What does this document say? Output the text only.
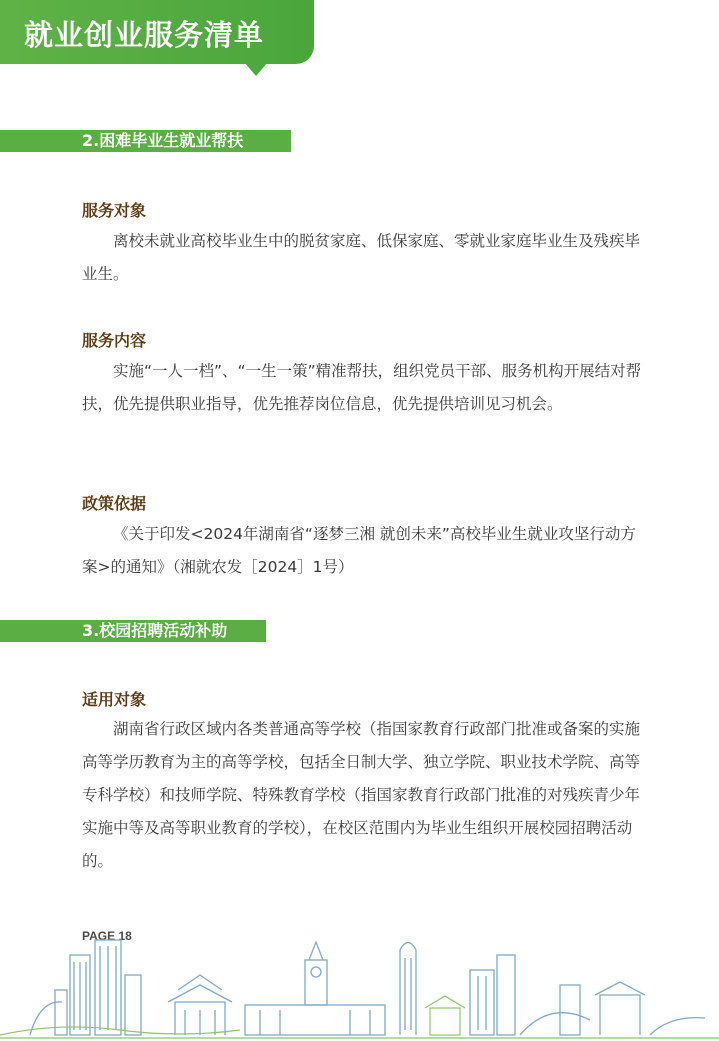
就业创业服务清单
2.困难毕业生就业帮扶
服务对象
离校未就业高校毕业生中的脱贫家庭、低保家庭、零就业家庭毕业生及残疾毕业生。
服务内容
实施“一人一档”、“一生一策”精准帮扶，组织党员干部、服务机构开展结对帮扶，优先提供职业指导，优先推荐岗位信息，优先提供培训见习机会。
政策依据
《关于印发<2024年湖南省“逐梦三湘 就创未来”高校毕业生就业攻坚行动方案>的通知》（湘就农发［2024］1号）
3.校园招聘活动补助
适用对象
湖南省行政区域内各类普通高等学校（指国家教育行政部门批准或备案的实施高等学历教育为主的高等学校，包括全日制大学、独立学院、职业技术学院、高等专科学校）和技师学院、特殊教育学校（指国家教育行政部门批准的对残疾青少年实施中等及高等职业教育的学校），在校区范围内为毕业生组织开展校园招聘活动的。
PAGE 18
